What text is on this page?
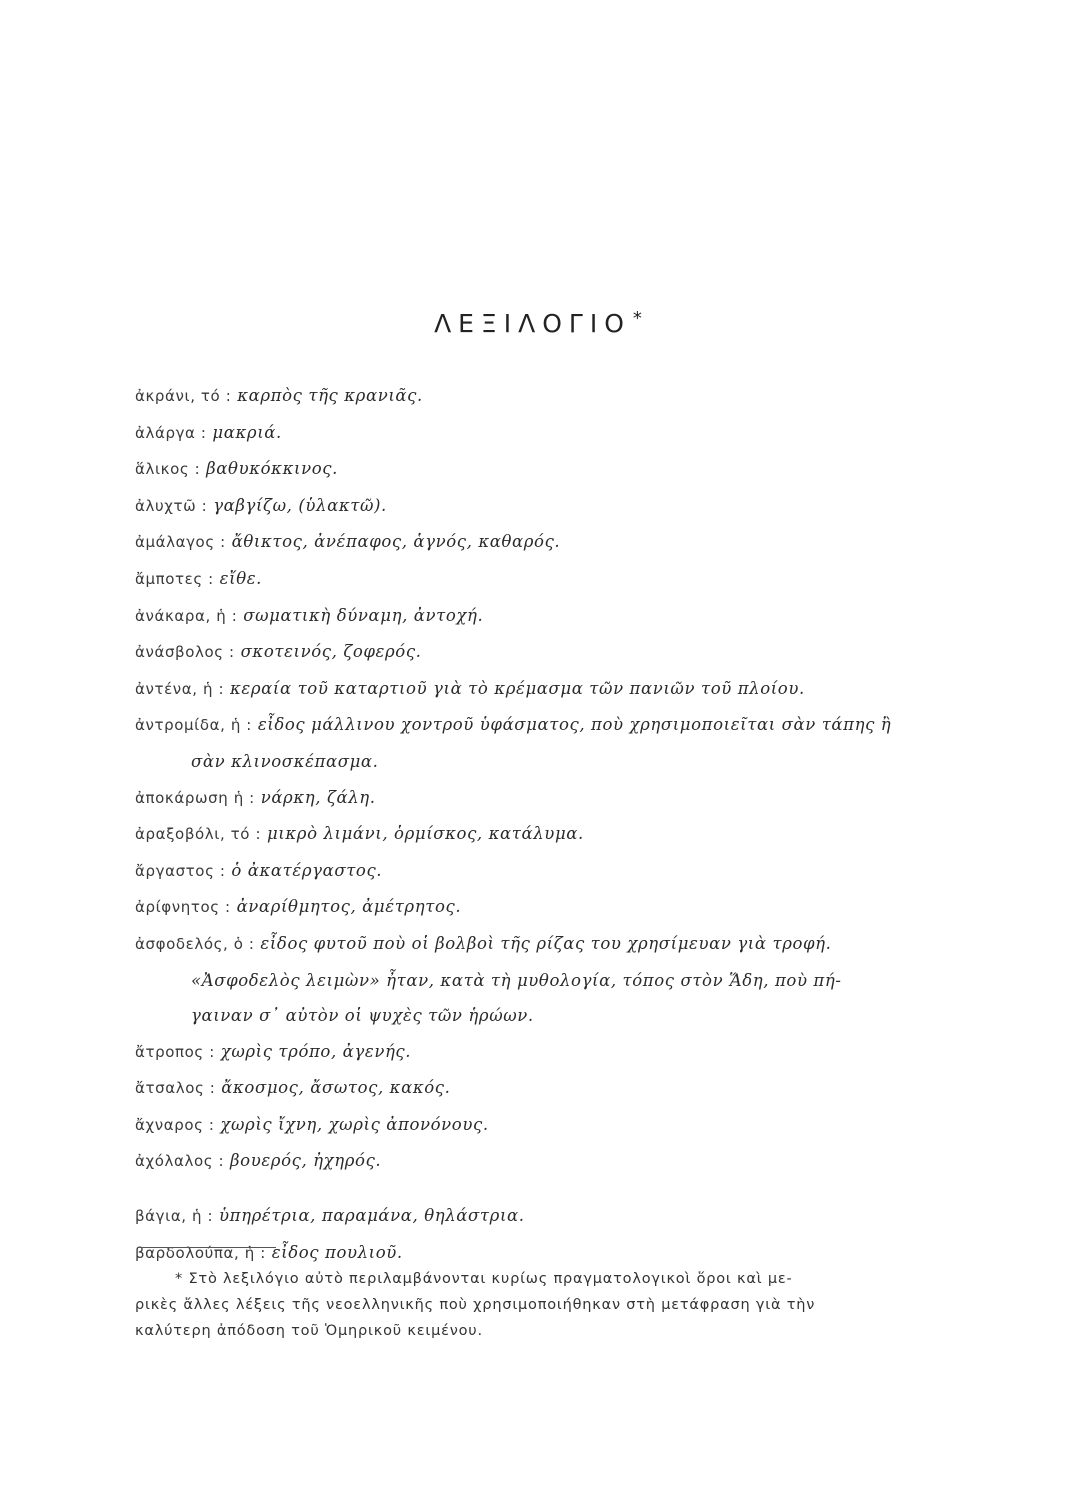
ΛΕΞΙΛΟΓΙΟ *
ἀκράνι, τό : καρπὸς τῆς κρανιᾶς.
ἀλάργα : μακριά.
ἅλικος : βαθυκόκκινος.
ἀλυχτῶ : γαβγίζω, (ὑλακτῶ).
ἀμάλαγος : ἄθικτος, ἀνέπαφος, ἁγνός, καθαρός.
ἄμποτες : εἴθε.
ἀνάκαρα, ἡ : σωματικὴ δύναμη, ἀντοχή.
ἀνάσβολος : σκοτεινός, ζοφερός.
ἀντένα, ἡ : κεραία τοῦ καταρτιοῦ γιὰ τὸ κρέμασμα τῶν πανιῶν τοῦ πλοίου.
ἀντρομίδα, ἡ : εἶδος μάλλινου χοντροῦ ὑφάσματος, ποὺ χρησιμοποιεῖται σὰν τάπης ἢ
σὰν κλινοσκέπασμα.
ἀποκάρωση ἡ : νάρκη, ζάλη.
ἀραξοβόλι, τό : μικρὸ λιμάνι, ὁρμίσκος, κατάλυμα.
ἄργαστος : ὁ ἀκατέργαστος.
ἀρίφνητος : ἀναρίθμητος, ἀμέτρητος.
ἀσφοδελός, ὁ : εἶδος φυτοῦ ποὺ οἱ βολβοὶ τῆς ρίζας του χρησίμευαν γιὰ τροφή.
«Ἀσφοδελὸς λειμὼν» ἦταν, κατὰ τὴ μυθολογία, τόπος στὸν Ἅδη, ποὺ πή-
γαιναν σ᾽ αὐτὸν οἱ ψυχὲς τῶν ἡρώων.
ἄτροπος : χωρὶς τρόπο, ἀγενής.
ἄτσαλος : ἄκοσμος, ἄσωτος, κακός.
ἄχναρος : χωρὶς ἴχνη, χωρὶς ἀπονόνους.
ἀχόλαλος : βουερός, ἠχηρός.
βάγια, ἡ : ὑπηρέτρια, παραμάνα, θηλάστρια.
βαρδολούπα, ἡ : εἶδος πουλιοῦ.
* Στὸ λεξιλόγιο αὐτὸ περιλαμβάνονται κυρίως πραγματολογικοὶ ὅροι καὶ με-
ρικὲς ἄλλες λέξεις τῆς νεοελληνικῆς ποὺ χρησιμοποιήθηκαν στὴ μετάφραση γιὰ τὴν
καλύτερη ἀπόδοση τοῦ Ὁμηρικοῦ κειμένου.
